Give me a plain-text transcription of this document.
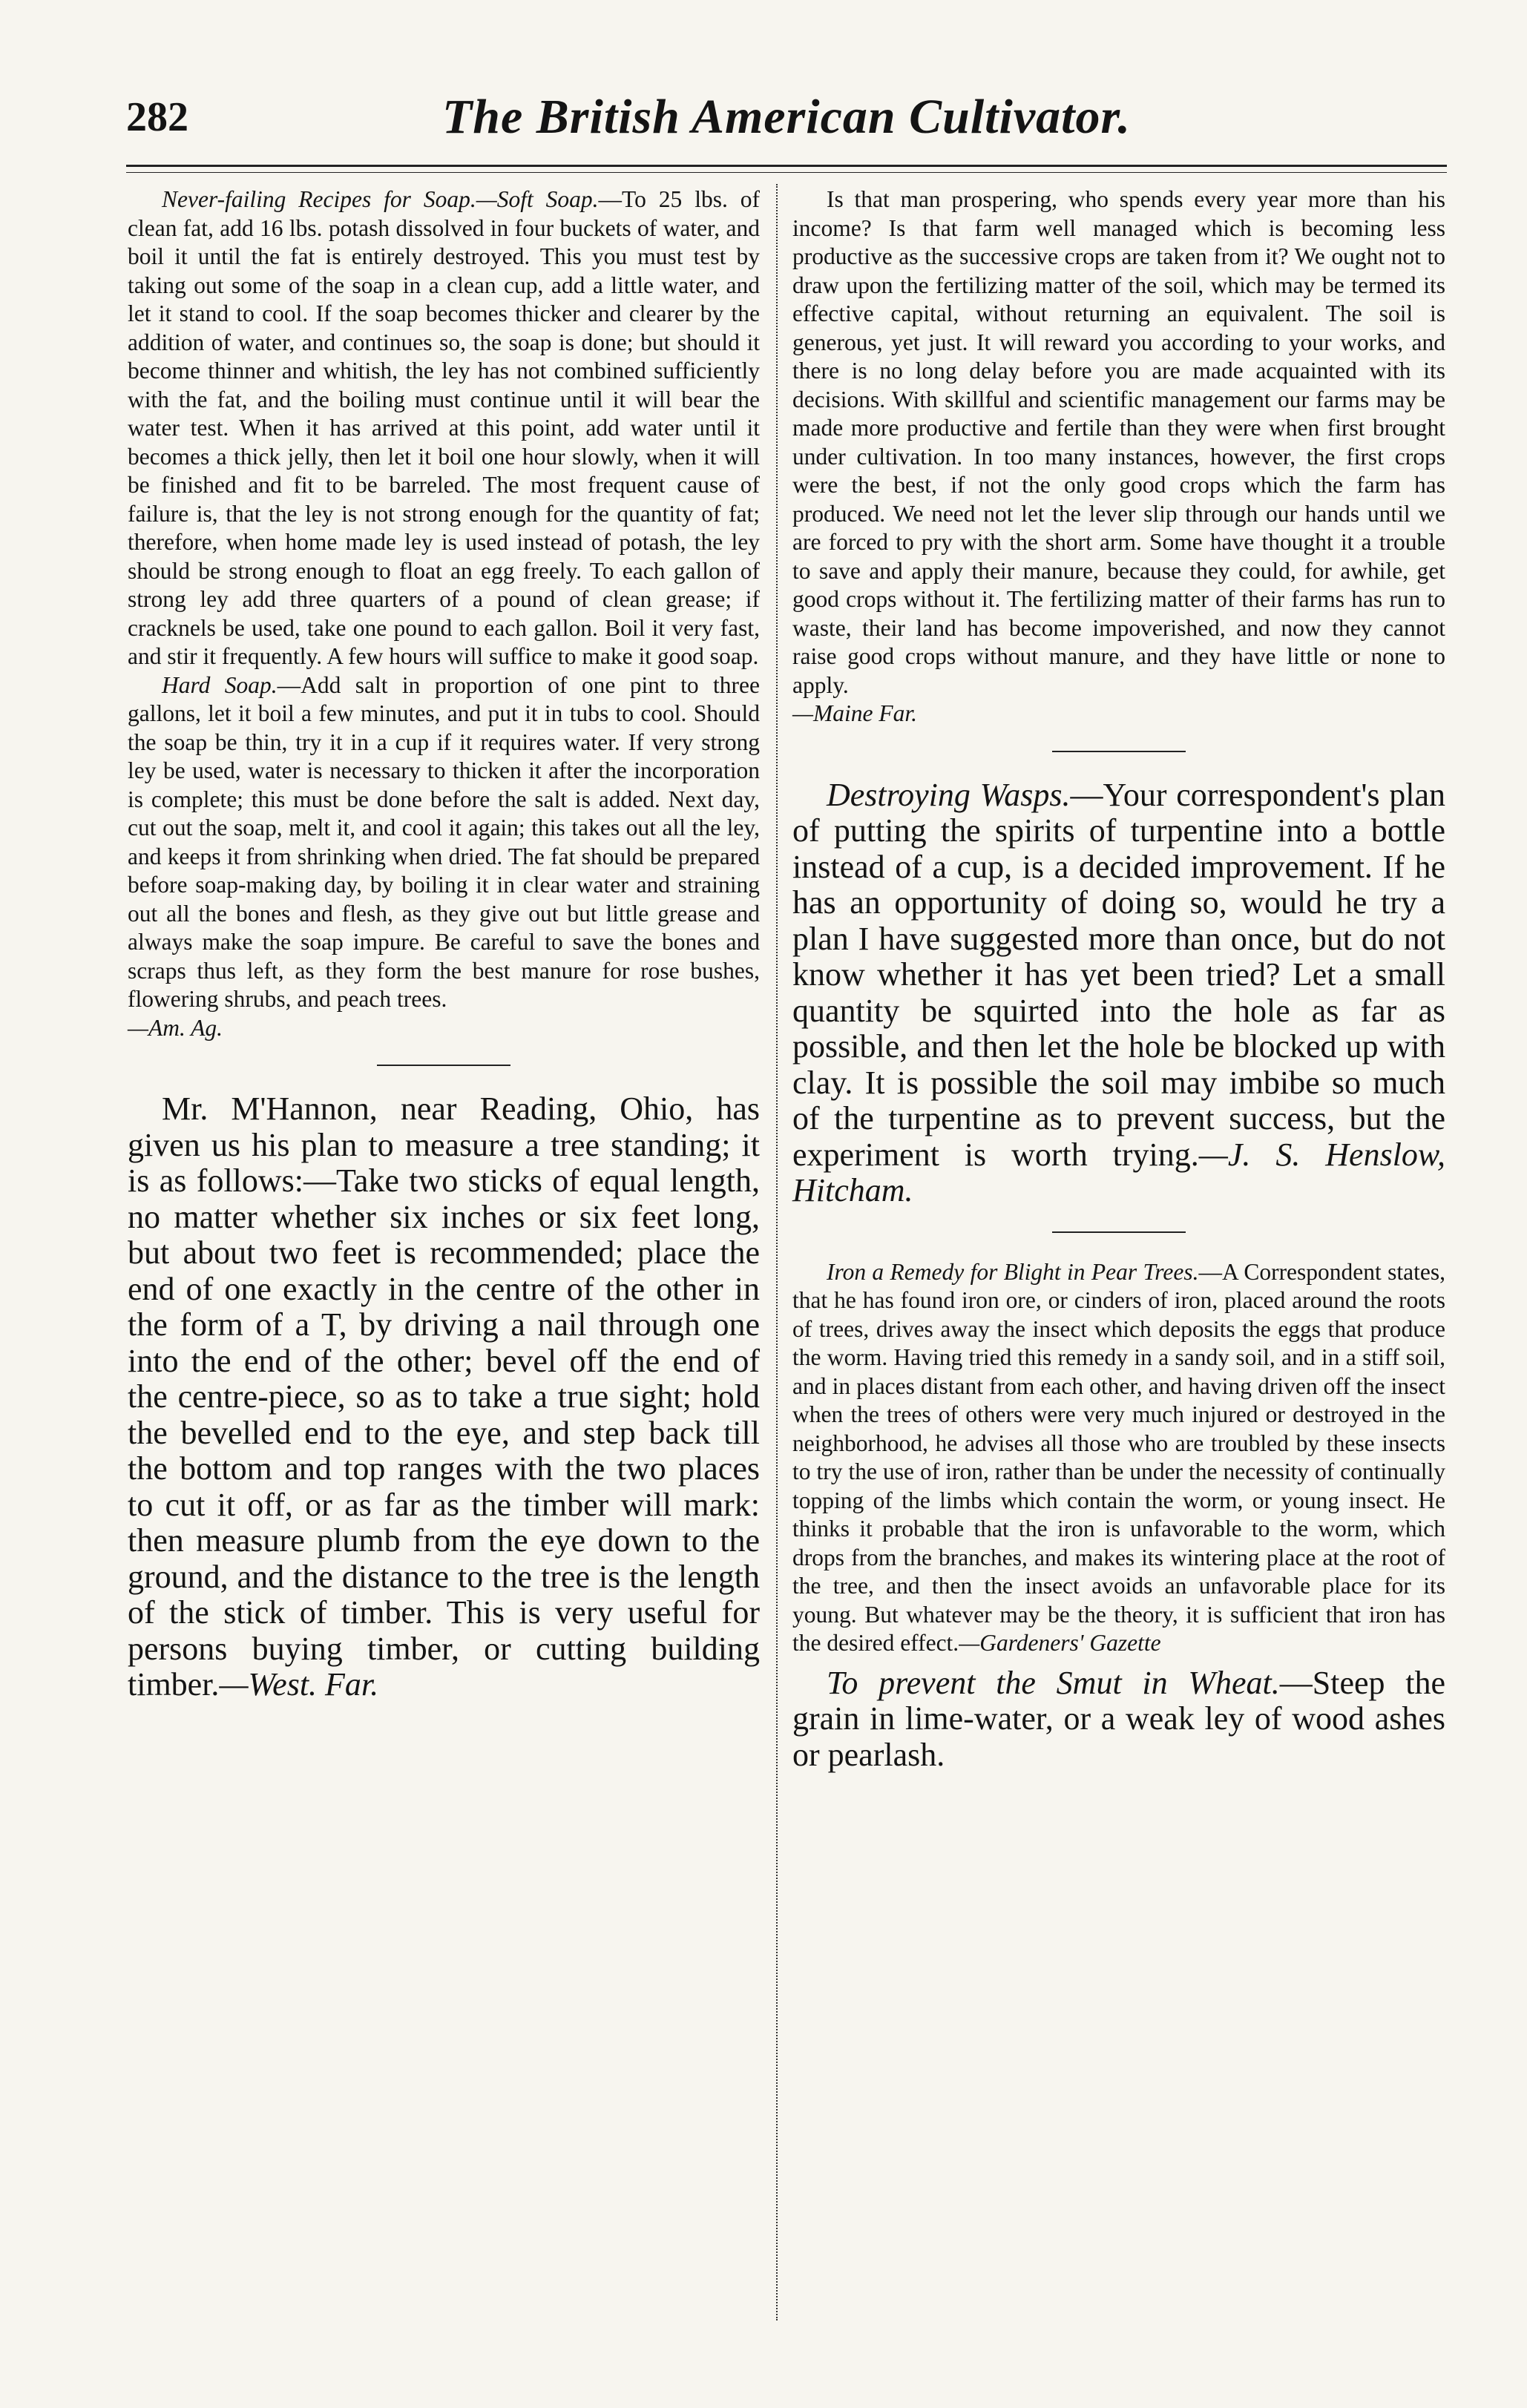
282	The British American Cultivator.

Never-failing Recipes for Soap.—Soft Soap.—To 25 lbs. of clean fat, add 16 lbs. potash dissolved in four buckets of water, and boil it until the fat is entirely destroyed. This you must test by taking out some of the soap in a clean cup, add a little water, and let it stand to cool. If the soap becomes thicker and clearer by the addition of water, and continues so, the soap is done; but should it become thinner and whitish, the ley has not combined sufficiently with the fat, and the boiling must continue until it will bear the water test. When it has arrived at this point, add water until it becomes a thick jelly, then let it boil one hour slowly, when it will be finished and fit to be barreled. The most frequent cause of failure is, that the ley is not strong enough for the quantity of fat; therefore, when home made ley is used instead of potash, the ley should be strong enough to float an egg freely. To each gallon of strong ley add three quarters of a pound of clean grease; if cracknels be used, take one pound to each gallon. Boil it very fast, and stir it frequently. A few hours will suffice to make it good soap.

Hard Soap.—Add salt in proportion of one pint to three gallons, let it boil a few minutes, and put it in tubs to cool. Should the soap be thin, try it in a cup if it requires water. If very strong ley be used, water is necessary to thicken it after the incorporation is complete; this must be done before the salt is added. Next day, cut out the soap, melt it, and cool it again; this takes out all the ley, and keeps it from shrinking when dried. The fat should be prepared before soap-making day, by boiling it in clear water and straining out all the bones and flesh, as they give out but little grease and always make the soap impure. Be careful to save the bones and scraps thus left, as they form the best manure for rose bushes, flowering shrubs, and peach trees.

—Am. Ag.

Mr. M'Hannon, near Reading, Ohio, has given us his plan to measure a tree standing; it is as follows:—Take two sticks of equal length, no matter whether six inches or six feet long, but about two feet is recommended; place the end of one exactly in the centre of the other in the form of a T, by driving a nail through one into the end of the other; bevel off the end of the centre-piece, so as to take a true sight; hold the bevelled end to the eye, and step back till the bottom and top ranges with the two places to cut it off, or as far as the timber will mark: then measure plumb from the eye down to the ground, and the distance to the tree is the length of the stick of timber. This is very useful for persons buying timber, or cutting building timber.—West. Far.

Is that man prospering, who spends every year more than his income? Is that farm well managed which is becoming less productive as the successive crops are taken from it? We ought not to draw upon the fertilizing matter of the soil, which may be termed its effective capital, without returning an equivalent. The soil is generous, yet just. It will reward you according to your works, and there is no long delay before you are made acquainted with its decisions. With skillful and scientific management our farms may be made more productive and fertile than they were when first brought under cultivation. In too many instances, however, the first crops were the best, if not the only good crops which the farm has produced. We need not let the lever slip through our hands until we are forced to pry with the short arm. Some have thought it a trouble to save and apply their manure, because they could, for awhile, get good crops without it. The fertilizing matter of their farms has run to waste, their land has become impoverished, and now they cannot raise good crops without manure, and they have little or none to apply.

—Maine Far.

Destroying Wasps.—Your correspondent's plan of putting the spirits of turpentine into a bottle instead of a cup, is a decided improvement. If he has an opportunity of doing so, would he try a plan I have suggested more than once, but do not know whether it has yet been tried? Let a small quantity be squirted into the hole as far as possible, and then let the hole be blocked up with clay. It is possible the soil may imbibe so much of the turpentine as to prevent success, but the experiment is worth trying.—J. S. Henslow, Hitcham.

Iron a Remedy for Blight in Pear Trees.—A Correspondent states, that he has found iron ore, or cinders of iron, placed around the roots of trees, drives away the insect which deposits the eggs that produce the worm. Having tried this remedy in a sandy soil, and in a stiff soil, and in places distant from each other, and having driven off the insect when the trees of others were very much injured or destroyed in the neighborhood, he advises all those who are troubled by these insects to try the use of iron, rather than be under the necessity of continually topping of the limbs which contain the worm, or young insect. He thinks it probable that the iron is unfavorable to the worm, which drops from the branches, and makes its wintering place at the root of the tree, and then the insect avoids an unfavorable place for its young. But whatever may be the theory, it is sufficient that iron has the desired effect.—Gardeners' Gazette

To prevent the Smut in Wheat.—Steep the grain in lime-water, or a weak ley of wood ashes or pearlash.
